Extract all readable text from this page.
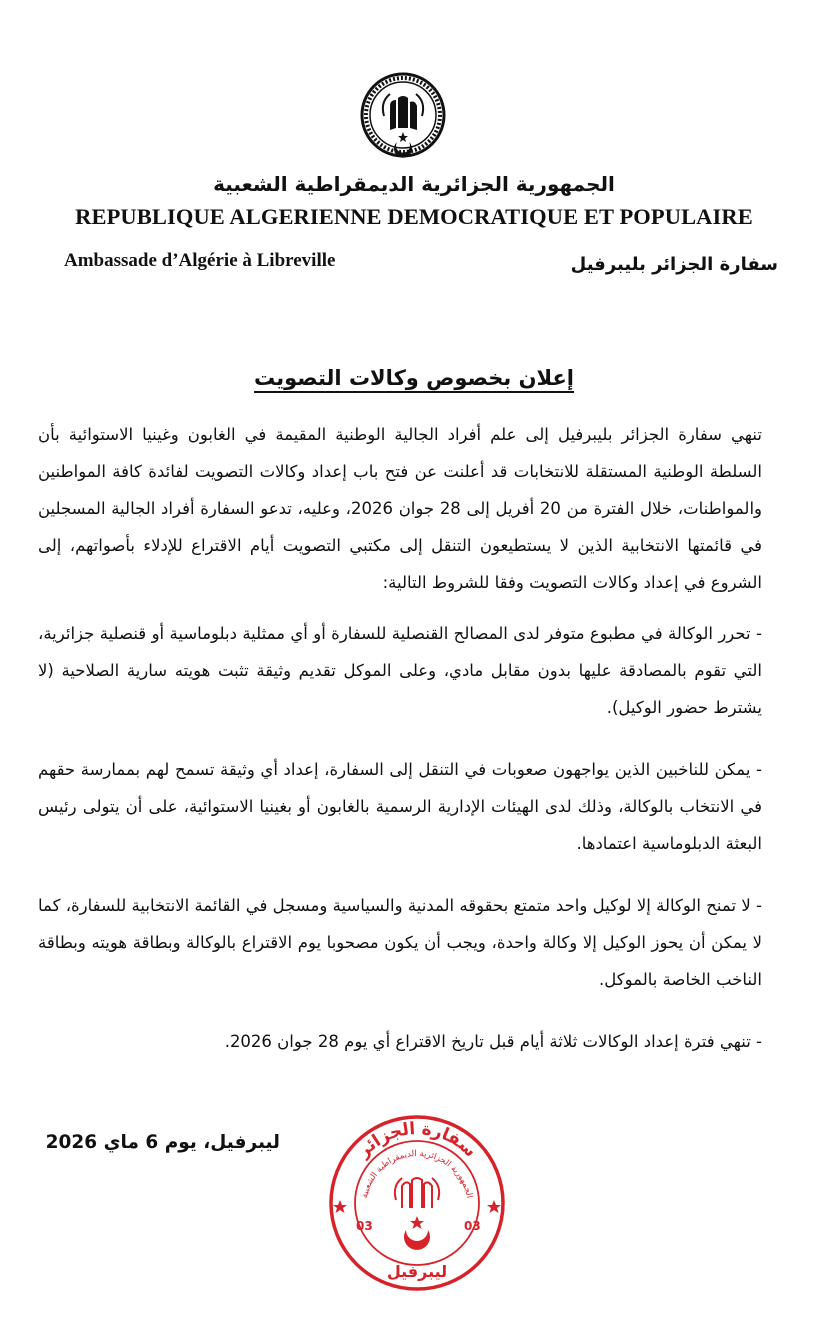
الجمهورية الجزائرية الديمقراطية الشعبية
REPUBLIQUE ALGERIENNE DEMOCRATIQUE ET POPULAIRE
Ambassade d’Algérie à Libreville	سفارة الجزائر بليبرفيل
إعلان بخصوص وكالات التصويت

تنهي سفارة الجزائر بليبرفيل إلى علم أفراد الجالية الوطنية المقيمة في الغابون وغينيا الاستوائية بأن السلطة الوطنية المستقلة للانتخابات قد أعلنت عن فتح باب إعداد وكالات التصويت لفائدة كافة المواطنين والمواطنات، خلال الفترة من 20 أفريل إلى 28 جوان 2026، وعليه، تدعو السفارة أفراد الجالية المسجلين في قائمتها الانتخابية الذين لا يستطيعون التنقل إلى مكتبي التصويت أيام الاقتراع للإدلاء بأصواتهم، إلى الشروع في إعداد وكالات التصويت وفقا للشروط التالية:

- تحرر الوكالة في مطبوع متوفر لدى المصالح القنصلية للسفارة أو أي ممثلية دبلوماسية أو قنصلية جزائرية، التي تقوم بالمصادقة عليها بدون مقابل مادي، وعلى الموكل تقديم وثيقة تثبت هويته سارية الصلاحية (لا يشترط حضور الوكيل).

- يمكن للناخبين الذين يواجهون صعوبات في التنقل إلى السفارة، إعداد أي وثيقة تسمح لهم بممارسة حقهم في الانتخاب بالوكالة، وذلك لدى الهيئات الإدارية الرسمية بالغابون أو بغينيا الاستوائية، على أن يتولى رئيس البعثة الدبلوماسية اعتمادها.

- لا تمنح الوكالة إلا لوكيل واحد متمتع بحقوقه المدنية والسياسية ومسجل في القائمة الانتخابية للسفارة، كما لا يمكن أن يحوز الوكيل إلا وكالة واحدة، ويجب أن يكون مصحوبا يوم الاقتراع بالوكالة وبطاقة هويته وبطاقة الناخب الخاصة بالموكل.

- تنهي فترة إعداد الوكالات ثلاثة أيام قبل تاريخ الاقتراع أي يوم 28 جوان 2026.

ليبرفيل، يوم 6 ماي 2026	سفارة الجزائر
الجمهورية الجزائرية الديمقراطية الشعبية
03	03
ليبرفيل
